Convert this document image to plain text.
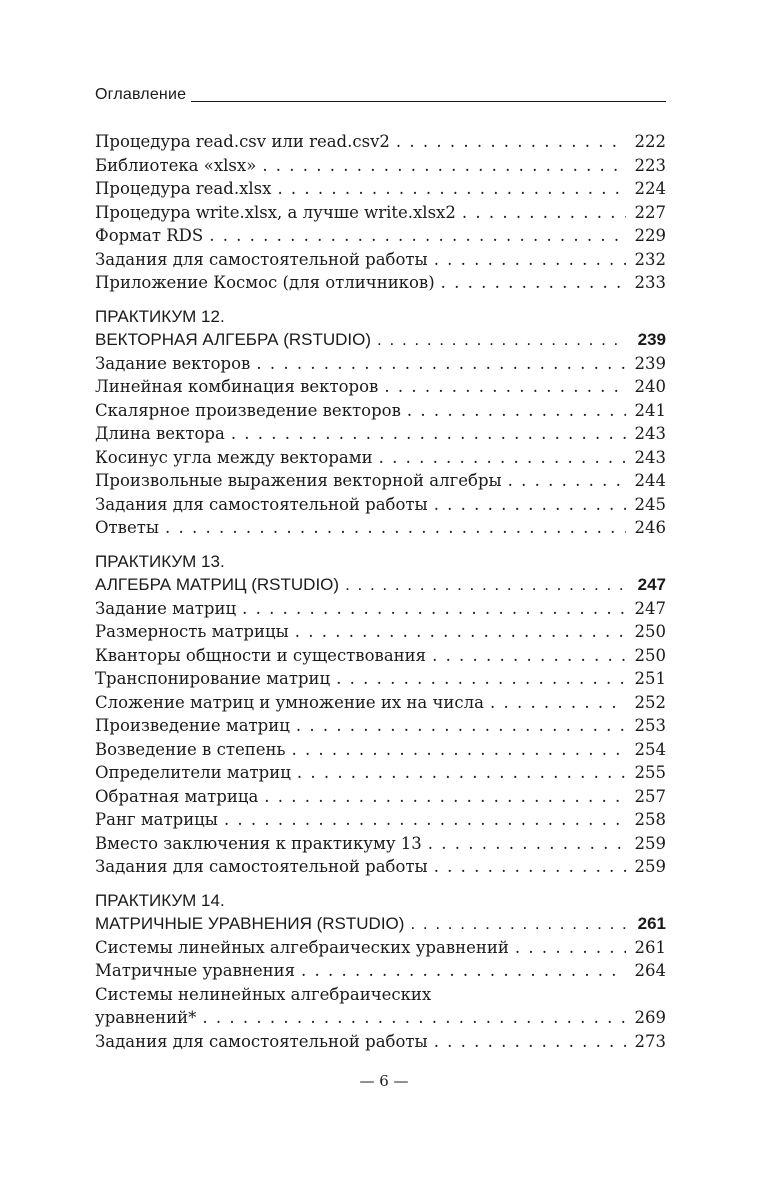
Оглавление
Процедура read.csv или read.csv2 . . .	222
Библиотека «xlsx» . . .	223
Процедура read.xlsx . . .	224
Процедура write.xlsx, а лучше write.xlsx2 . . .	227
Формат RDS . . .	229
Задания для самостоятельной работы . . .	232
Приложение Космос (для отличников) . . .	233
ПРАКТИКУМ 12.
ВЕКТОРНАЯ АЛГЕБРА (RSTUDIO) . . .	239
Задание векторов . . .	239
Линейная комбинация векторов . . .	240
Скалярное произведение векторов . . .	241
Длина вектора . . .	243
Косинус угла между векторами . . .	243
Произвольные выражения векторной алгебры . . .	244
Задания для самостоятельной работы . . .	245
Ответы . . .	246
ПРАКТИКУМ 13.
АЛГЕБРА МАТРИЦ (RSTUDIO) . . .	247
Задание матриц . . .	247
Размерность матрицы . . .	250
Кванторы общности и существования . . .	250
Транспонирование матриц . . .	251
Сложение матриц и умножение их на числа . . .	252
Произведение матриц . . .	253
Возведение в степень . . .	254
Определители матриц . . .	255
Обратная матрица . . .	257
Ранг матрицы . . .	258
Вместо заключения к практикуму 13 . . .	259
Задания для самостоятельной работы . . .	259
ПРАКТИКУМ 14.
МАТРИЧНЫЕ УРАВНЕНИЯ (RSTUDIO) . . .	261
Системы линейных алгебраических уравнений . . .	261
Матричные уравнения . . .	264
Системы нелинейных алгебраических
уравнений* . . .	269
Задания для самостоятельной работы . . .	273
— 6 —
